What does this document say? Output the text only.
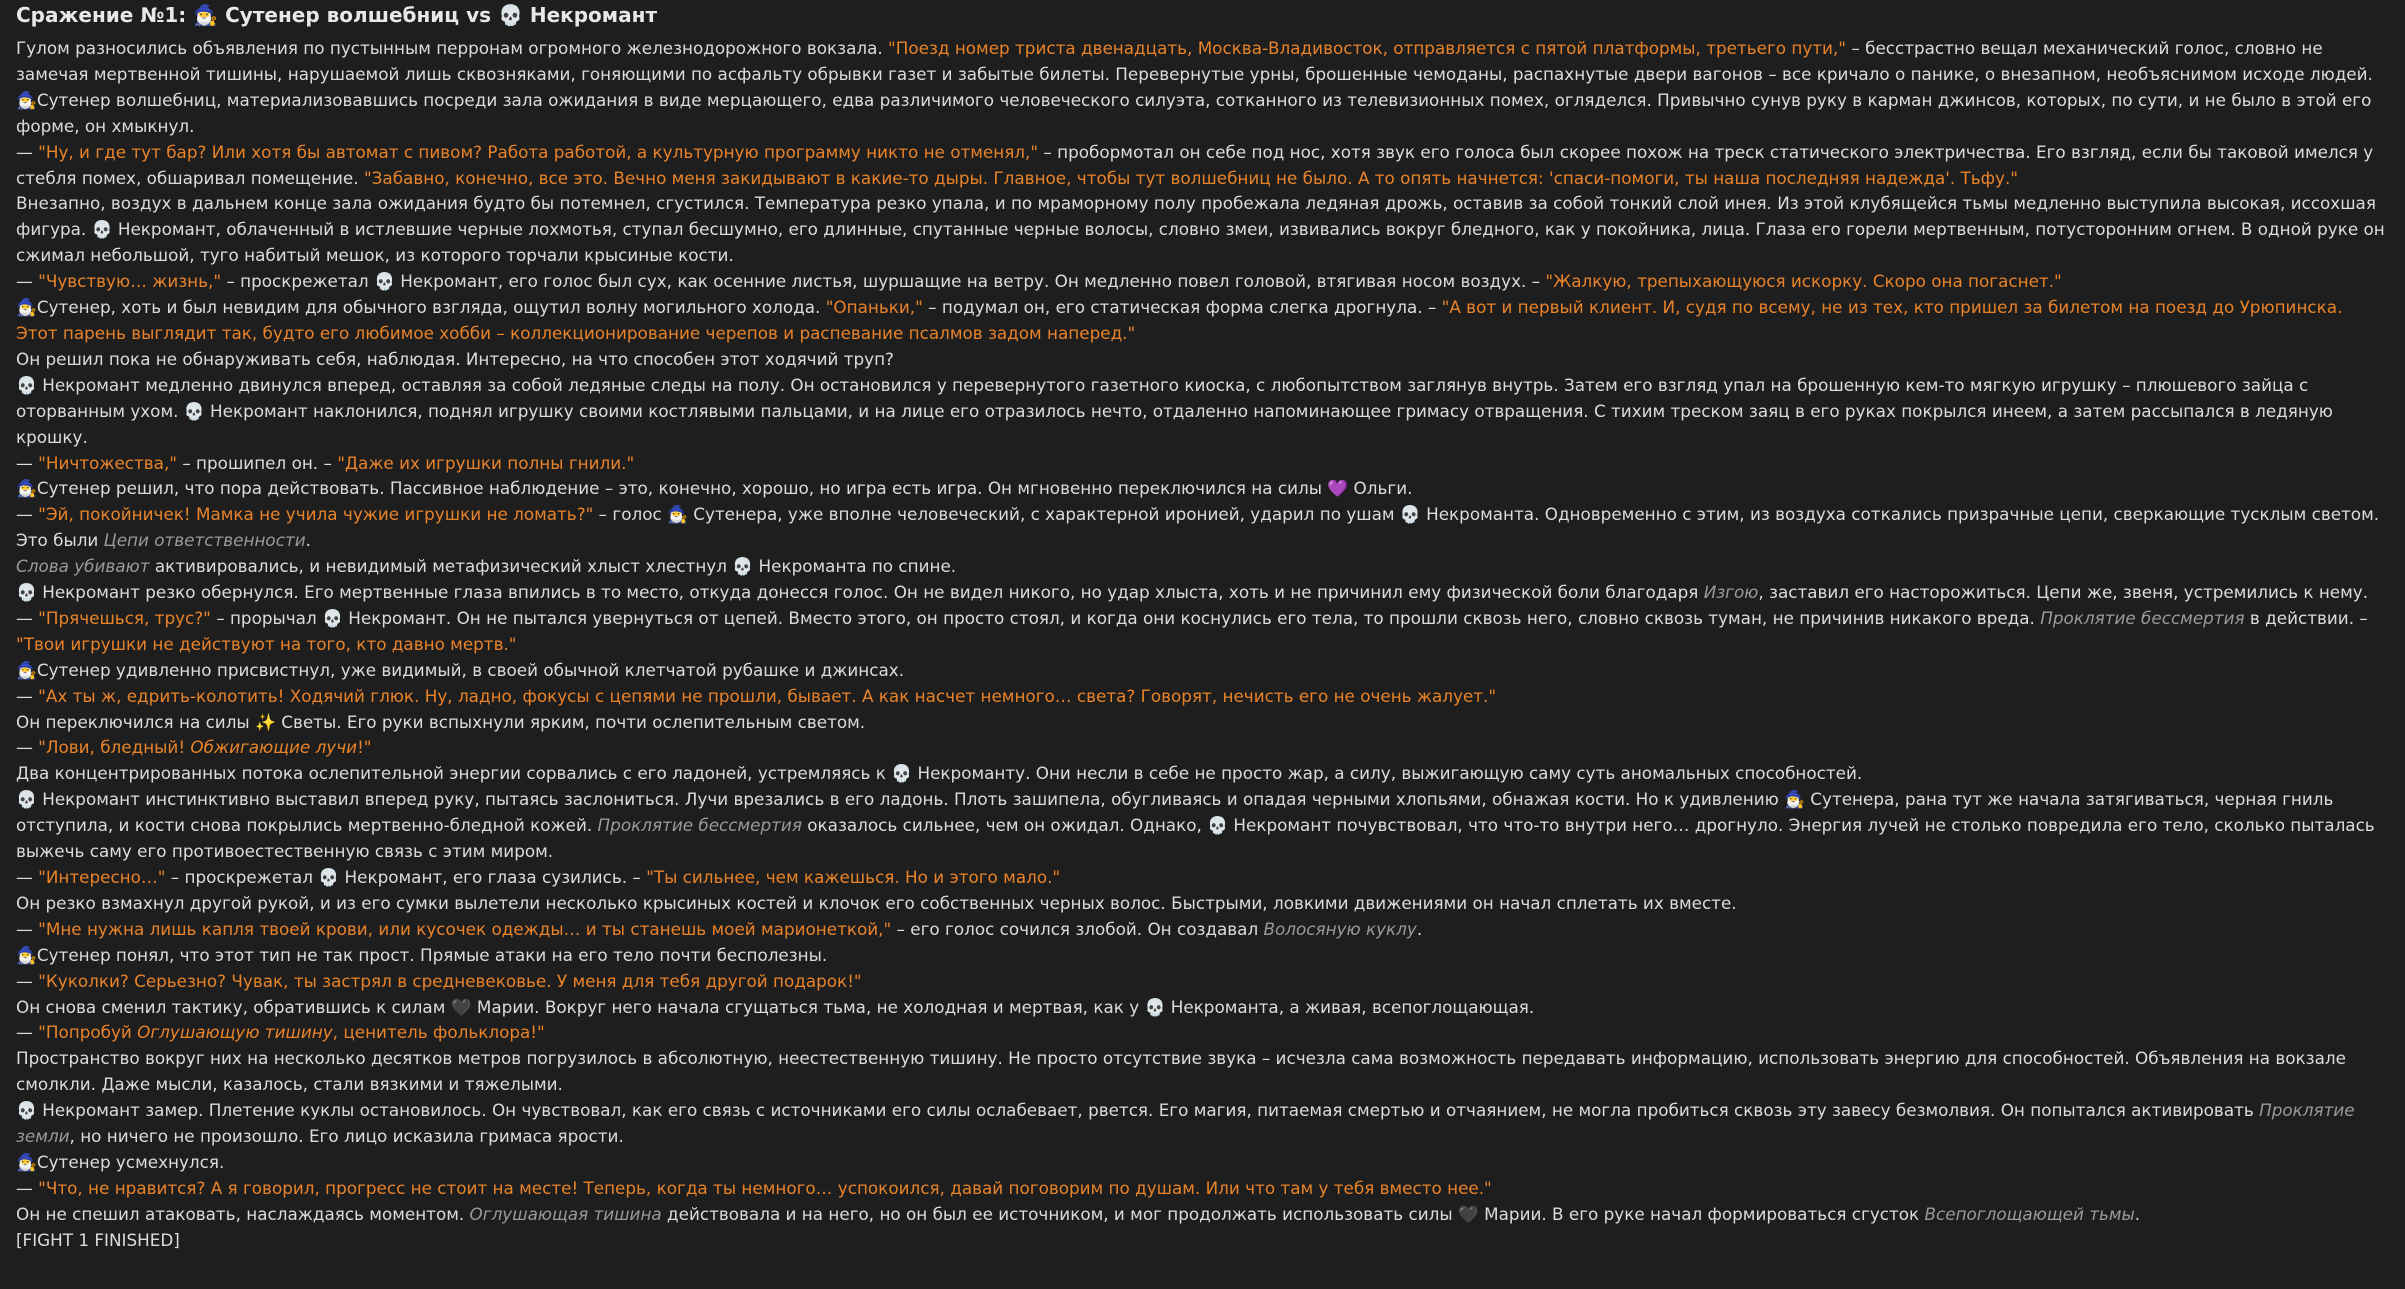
Сражение №1: 🧙‍♂️ Сутенер волшебниц vs 💀 Некромант
Гулом разносились объявления по пустынным перронам огромного железнодорожного вокзала. "Поезд номер триста двенадцать, Москва-Владивосток, отправляется с пятой платформы, третьего пути," – бесстрастно вещал механический голос, словно не замечая мертвенной тишины, нарушаемой лишь сквозняками, гоняющими по асфальту обрывки газет и забытые билеты. Перевернутые урны, брошенные чемоданы, распахнутые двери вагонов – все кричало о панике, о внезапном, необъяснимом исходе людей.
🧙‍♂️Сутенер волшебниц, материализовавшись посреди зала ожидания в виде мерцающего, едва различимого человеческого силуэта, сотканного из телевизионных помех, огляделся. Привычно сунув руку в карман джинсов, которых, по сути, и не было в этой его форме, он хмыкнул.
— "Ну, и где тут бар? Или хотя бы автомат с пивом? Работа работой, а культурную программу никто не отменял," – пробормотал он себе под нос, хотя звук его голоса был скорее похож на треск статического электричества. Его взгляд, если бы таковой имелся у стебля помех, обшаривал помещение. "Забавно, конечно, все это. Вечно меня закидывают в какие-то дыры. Главное, чтобы тут волшебниц не было. А то опять начнется: 'спаси-помоги, ты наша последняя надежда'. Тьфу."
Внезапно, воздух в дальнем конце зала ожидания будто бы потемнел, сгустился. Температура резко упала, и по мраморному полу пробежала ледяная дрожь, оставив за собой тонкий слой инея. Из этой клубящейся тьмы медленно выступила высокая, иссохшая фигура. 💀 Некромант, облаченный в истлевшие черные лохмотья, ступал бесшумно, его длинные, спутанные черные волосы, словно змеи, извивались вокруг бледного, как у покойника, лица. Глаза его горели мертвенным, потусторонним огнем. В одной руке он сжимал небольшой, туго набитый мешок, из которого торчали крысиные кости.
— "Чувствую… жизнь," – проскрежетал 💀 Некромант, его голос был сух, как осенние листья, шуршащие на ветру. Он медленно повел головой, втягивая носом воздух. – "Жалкую, трепыхающуюся искорку. Скоро она погаснет."
🧙‍♂️Сутенер, хоть и был невидим для обычного взгляда, ощутил волну могильного холода. "Опаньки," – подумал он, его статическая форма слегка дрогнула. – "А вот и первый клиент. И, судя по всему, не из тех, кто пришел за билетом на поезд до Урюпинска. Этот парень выглядит так, будто его любимое хобби – коллекционирование черепов и распевание псалмов задом наперед."
Он решил пока не обнаруживать себя, наблюдая. Интересно, на что способен этот ходячий труп?
💀 Некромант медленно двинулся вперед, оставляя за собой ледяные следы на полу. Он остановился у перевернутого газетного киоска, с любопытством заглянув внутрь. Затем его взгляд упал на брошенную кем-то мягкую игрушку – плюшевого зайца с оторванным ухом. 💀 Некромант наклонился, поднял игрушку своими костлявыми пальцами, и на лице его отразилось нечто, отдаленно напоминающее гримасу отвращения. С тихим треском заяц в его руках покрылся инеем, а затем рассыпался в ледяную крошку.
— "Ничтожества," – прошипел он. – "Даже их игрушки полны гнили."
🧙‍♂️Сутенер решил, что пора действовать. Пассивное наблюдение – это, конечно, хорошо, но игра есть игра. Он мгновенно переключился на силы 💜 Ольги.
— "Эй, покойничек! Мамка не учила чужие игрушки не ломать?" – голос 🧙‍♂️ Сутенера, уже вполне человеческий, с характерной иронией, ударил по ушам 💀 Некроманта. Одновременно с этим, из воздуха соткались призрачные цепи, сверкающие тусклым светом.
Это были Цепи ответственности.
Слова убивают активировались, и невидимый метафизический хлыст хлестнул 💀 Некроманта по спине.
💀 Некромант резко обернулся. Его мертвенные глаза впились в то место, откуда донесся голос. Он не видел никого, но удар хлыста, хоть и не причинил ему физической боли благодаря Изгою, заставил его насторожиться. Цепи же, звеня, устремились к нему.
— "Прячешься, трус?" – прорычал 💀 Некромант. Он не пытался увернуться от цепей. Вместо этого, он просто стоял, и когда они коснулись его тела, то прошли сквозь него, словно сквозь туман, не причинив никакого вреда. Проклятие бессмертия в действии. – "Твои игрушки не действуют на того, кто давно мертв."
🧙‍♂️Сутенер удивленно присвистнул, уже видимый, в своей обычной клетчатой рубашке и джинсах.
— "Ах ты ж, едрить-колотить! Ходячий глюк. Ну, ладно, фокусы с цепями не прошли, бывает. А как насчет немного… света? Говорят, нечисть его не очень жалует."
Он переключился на силы ✨ Светы. Его руки вспыхнули ярким, почти ослепительным светом.
— "Лови, бледный! Обжигающие лучи!"
Два концентрированных потока ослепительной энергии сорвались с его ладоней, устремляясь к 💀 Некроманту. Они несли в себе не просто жар, а силу, выжигающую саму суть аномальных способностей.
💀 Некромант инстинктивно выставил вперед руку, пытаясь заслониться. Лучи врезались в его ладонь. Плоть зашипела, обугливаясь и опадая черными хлопьями, обнажая кости. Но к удивлению 🧙‍♂️ Сутенера, рана тут же начала затягиваться, черная гниль отступила, и кости снова покрылись мертвенно-бледной кожей. Проклятие бессмертия оказалось сильнее, чем он ожидал. Однако, 💀 Некромант почувствовал, что что-то внутри него… дрогнуло. Энергия лучей не столько повредила его тело, сколько пыталась выжечь саму его противоестественную связь с этим миром.
— "Интересно…" – проскрежетал 💀 Некромант, его глаза сузились. – "Ты сильнее, чем кажешься. Но и этого мало."
Он резко взмахнул другой рукой, и из его сумки вылетели несколько крысиных костей и клочок его собственных черных волос. Быстрыми, ловкими движениями он начал сплетать их вместе.
— "Мне нужна лишь капля твоей крови, или кусочек одежды… и ты станешь моей марионеткой," – его голос сочился злобой. Он создавал Волосяную куклу.
🧙‍♂️Сутенер понял, что этот тип не так прост. Прямые атаки на его тело почти бесполезны.
— "Куколки? Серьезно? Чувак, ты застрял в средневековье. У меня для тебя другой подарок!"
Он снова сменил тактику, обратившись к силам 🖤 Марии. Вокруг него начала сгущаться тьма, не холодная и мертвая, как у 💀 Некроманта, а живая, всепоглощающая.
— "Попробуй Оглушающую тишину, ценитель фольклора!"
Пространство вокруг них на несколько десятков метров погрузилось в абсолютную, неестественную тишину. Не просто отсутствие звука – исчезла сама возможность передавать информацию, использовать энергию для способностей. Объявления на вокзале смолкли. Даже мысли, казалось, стали вязкими и тяжелыми.
💀 Некромант замер. Плетение куклы остановилось. Он чувствовал, как его связь с источниками его силы ослабевает, рвется. Его магия, питаемая смертью и отчаянием, не могла пробиться сквозь эту завесу безмолвия. Он попытался активировать Проклятие земли, но ничего не произошло. Его лицо исказила гримаса ярости.
🧙‍♂️Сутенер усмехнулся.
— "Что, не нравится? А я говорил, прогресс не стоит на месте! Теперь, когда ты немного… успокоился, давай поговорим по душам. Или что там у тебя вместо нее."
Он не спешил атаковать, наслаждаясь моментом. Оглушающая тишина действовала и на него, но он был ее источником, и мог продолжать использовать силы 🖤 Марии. В его руке начал формироваться сгусток Всепоглощающей тьмы.
[FIGHT 1 FINISHED]
